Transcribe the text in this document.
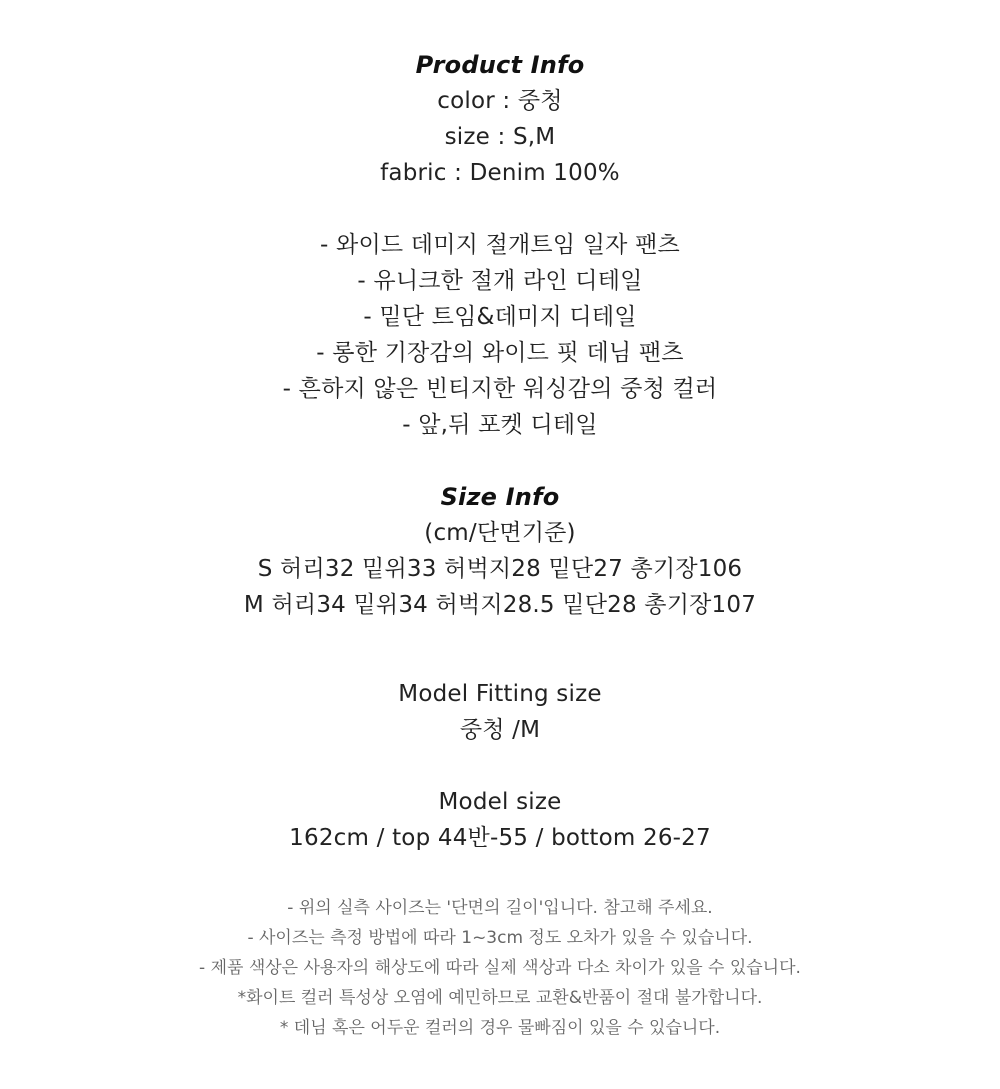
Product Info
color : 중청
size : S,M
fabric : Denim 100%
- 와이드 데미지 절개트임 일자 팬츠
- 유니크한 절개 라인 디테일
- 밑단 트임&데미지 디테일
- 롱한 기장감의 와이드 핏 데님 팬츠
- 흔하지 않은 빈티지한 워싱감의 중청 컬러
- 앞,뒤 포켓 디테일
Size Info
(cm/단면기준)
S 허리32 밑위33 허벅지28 밑단27 총기장106
M 허리34 밑위34 허벅지28.5 밑단28 총기장107
Model Fitting size
중청 /M
Model size
162cm / top 44반-55 / bottom 26-27
- 위의 실측 사이즈는 '단면의 길이'입니다. 참고해 주세요.
- 사이즈는 측정 방법에 따라 1~3cm 정도 오차가 있을 수 있습니다.
- 제품 색상은 사용자의 해상도에 따라 실제 색상과 다소 차이가 있을 수 있습니다.
*화이트 컬러 특성상 오염에 예민하므로 교환&반품이 절대 불가합니다.
* 데님 혹은 어두운 컬러의 경우 물빠짐이 있을 수 있습니다.
